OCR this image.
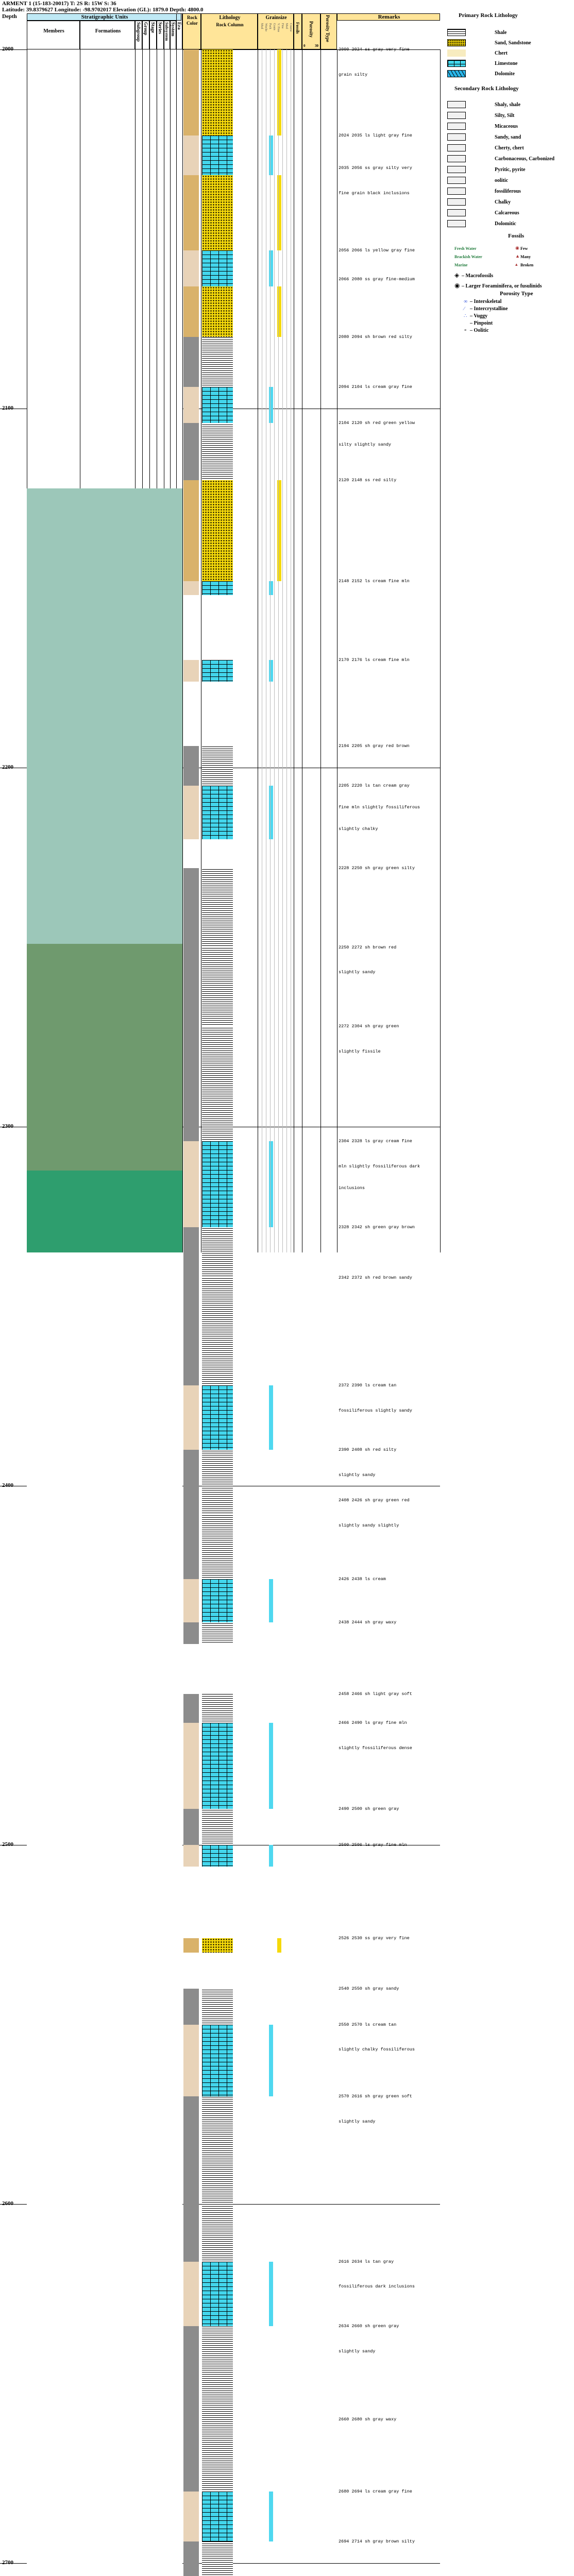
ARMENT 1 (15-183-20017) T: 2S R: 15W S: 36
Latitude: 39.8379627 Longitude: -98.9702017 Elevation (GL): 1879.0 Depth: 4800.0
Depth	Stratigraphic Units
Members	Formations	Subgroup Group Stage Series Subsystem System Era
Rock Color
Lithology
Rock Column
Grainsize
Mud Wacke Pack Grain V. Fine Fine Med Coarse Fossils Porosity
0	30
Porosity Type	Remarks
2000
2100
2200
2300
2400
2500
2600
2700
2000 2024 ss gray very fine
grain silty
2024 2035 ls light gray fine
2035 2056 ss gray silty very
fine grain black inclusions
2056 2066 ls yellow gray fine
2066 2080 ss gray fine-medium
2080 2094 sh brown red silty
2094 2104 ls cream gray fine
2104 2120 sh red green yellow
silty slightly sandy
2120 2148 ss red silty
2148 2152 ls cream fine mln
2170 2176 ls cream fine mln
2194 2205 sh gray red brown
2205 2220 ls tan cream gray
fine mln slightly fossiliferous
slightly chalky
2228 2250 sh gray green silty
2250 2272 sh brown red
slightly sandy
2272 2304 sh gray green
slightly fissile
2304 2328 ls gray cream fine
mln slightly fossiliferous dark
inclusions
2328 2342 sh green gray brown
2342 2372 sh red brown sandy
2372 2390 ls cream tan
fossiliferous slightly sandy
2390 2408 sh red silty
slightly sandy
2408 2426 sh gray green red
slightly sandy slightly
2426 2438 ls cream
2438 2444 sh gray waxy
2458 2466 sh light gray soft
2466 2490 ls gray fine mln
slightly fossiliferous dense
2490 2500 sh green gray
2500 2506 ls gray fine mln
2526 2530 ss gray very fine
2540 2550 sh gray sandy
2550 2570 ls cream tan
slightly chalky fossiliferous
2570 2616 sh gray green soft
slightly sandy
2616 2634 ls tan gray
fossiliferous dark inclusions
2634 2660 sh green gray
slightly sandy
2660 2680 sh gray waxy
2680 2694 ls cream gray fine
2694 2714 sh gray brown silty
Primary Rock Lithology
Shale
Sand, Sandstone
Chert
Limestone
Dolomite
Secondary Rock Lithology
Shaly, shale
Silty, Silt
Micaceous
Sandy, sand
Cherty, chert
Carbonaceous, Carbonized
Pyritic, pyrite
oolitic
fossiliferous
Chalky
Calcareous
Dolomitic
Fossils
Fresh Water
Brackish Water
Marine
Few
Many
Broken
◉
▲
▴
◈ – Macrofossils
◉ – Larger Foraminifera, or fusulinids
Porosity Type
∞ – Interskeletal
∕ – Intercrystalline
∴ – Vuggy
– Pinpoint
∘ – Oolitic
